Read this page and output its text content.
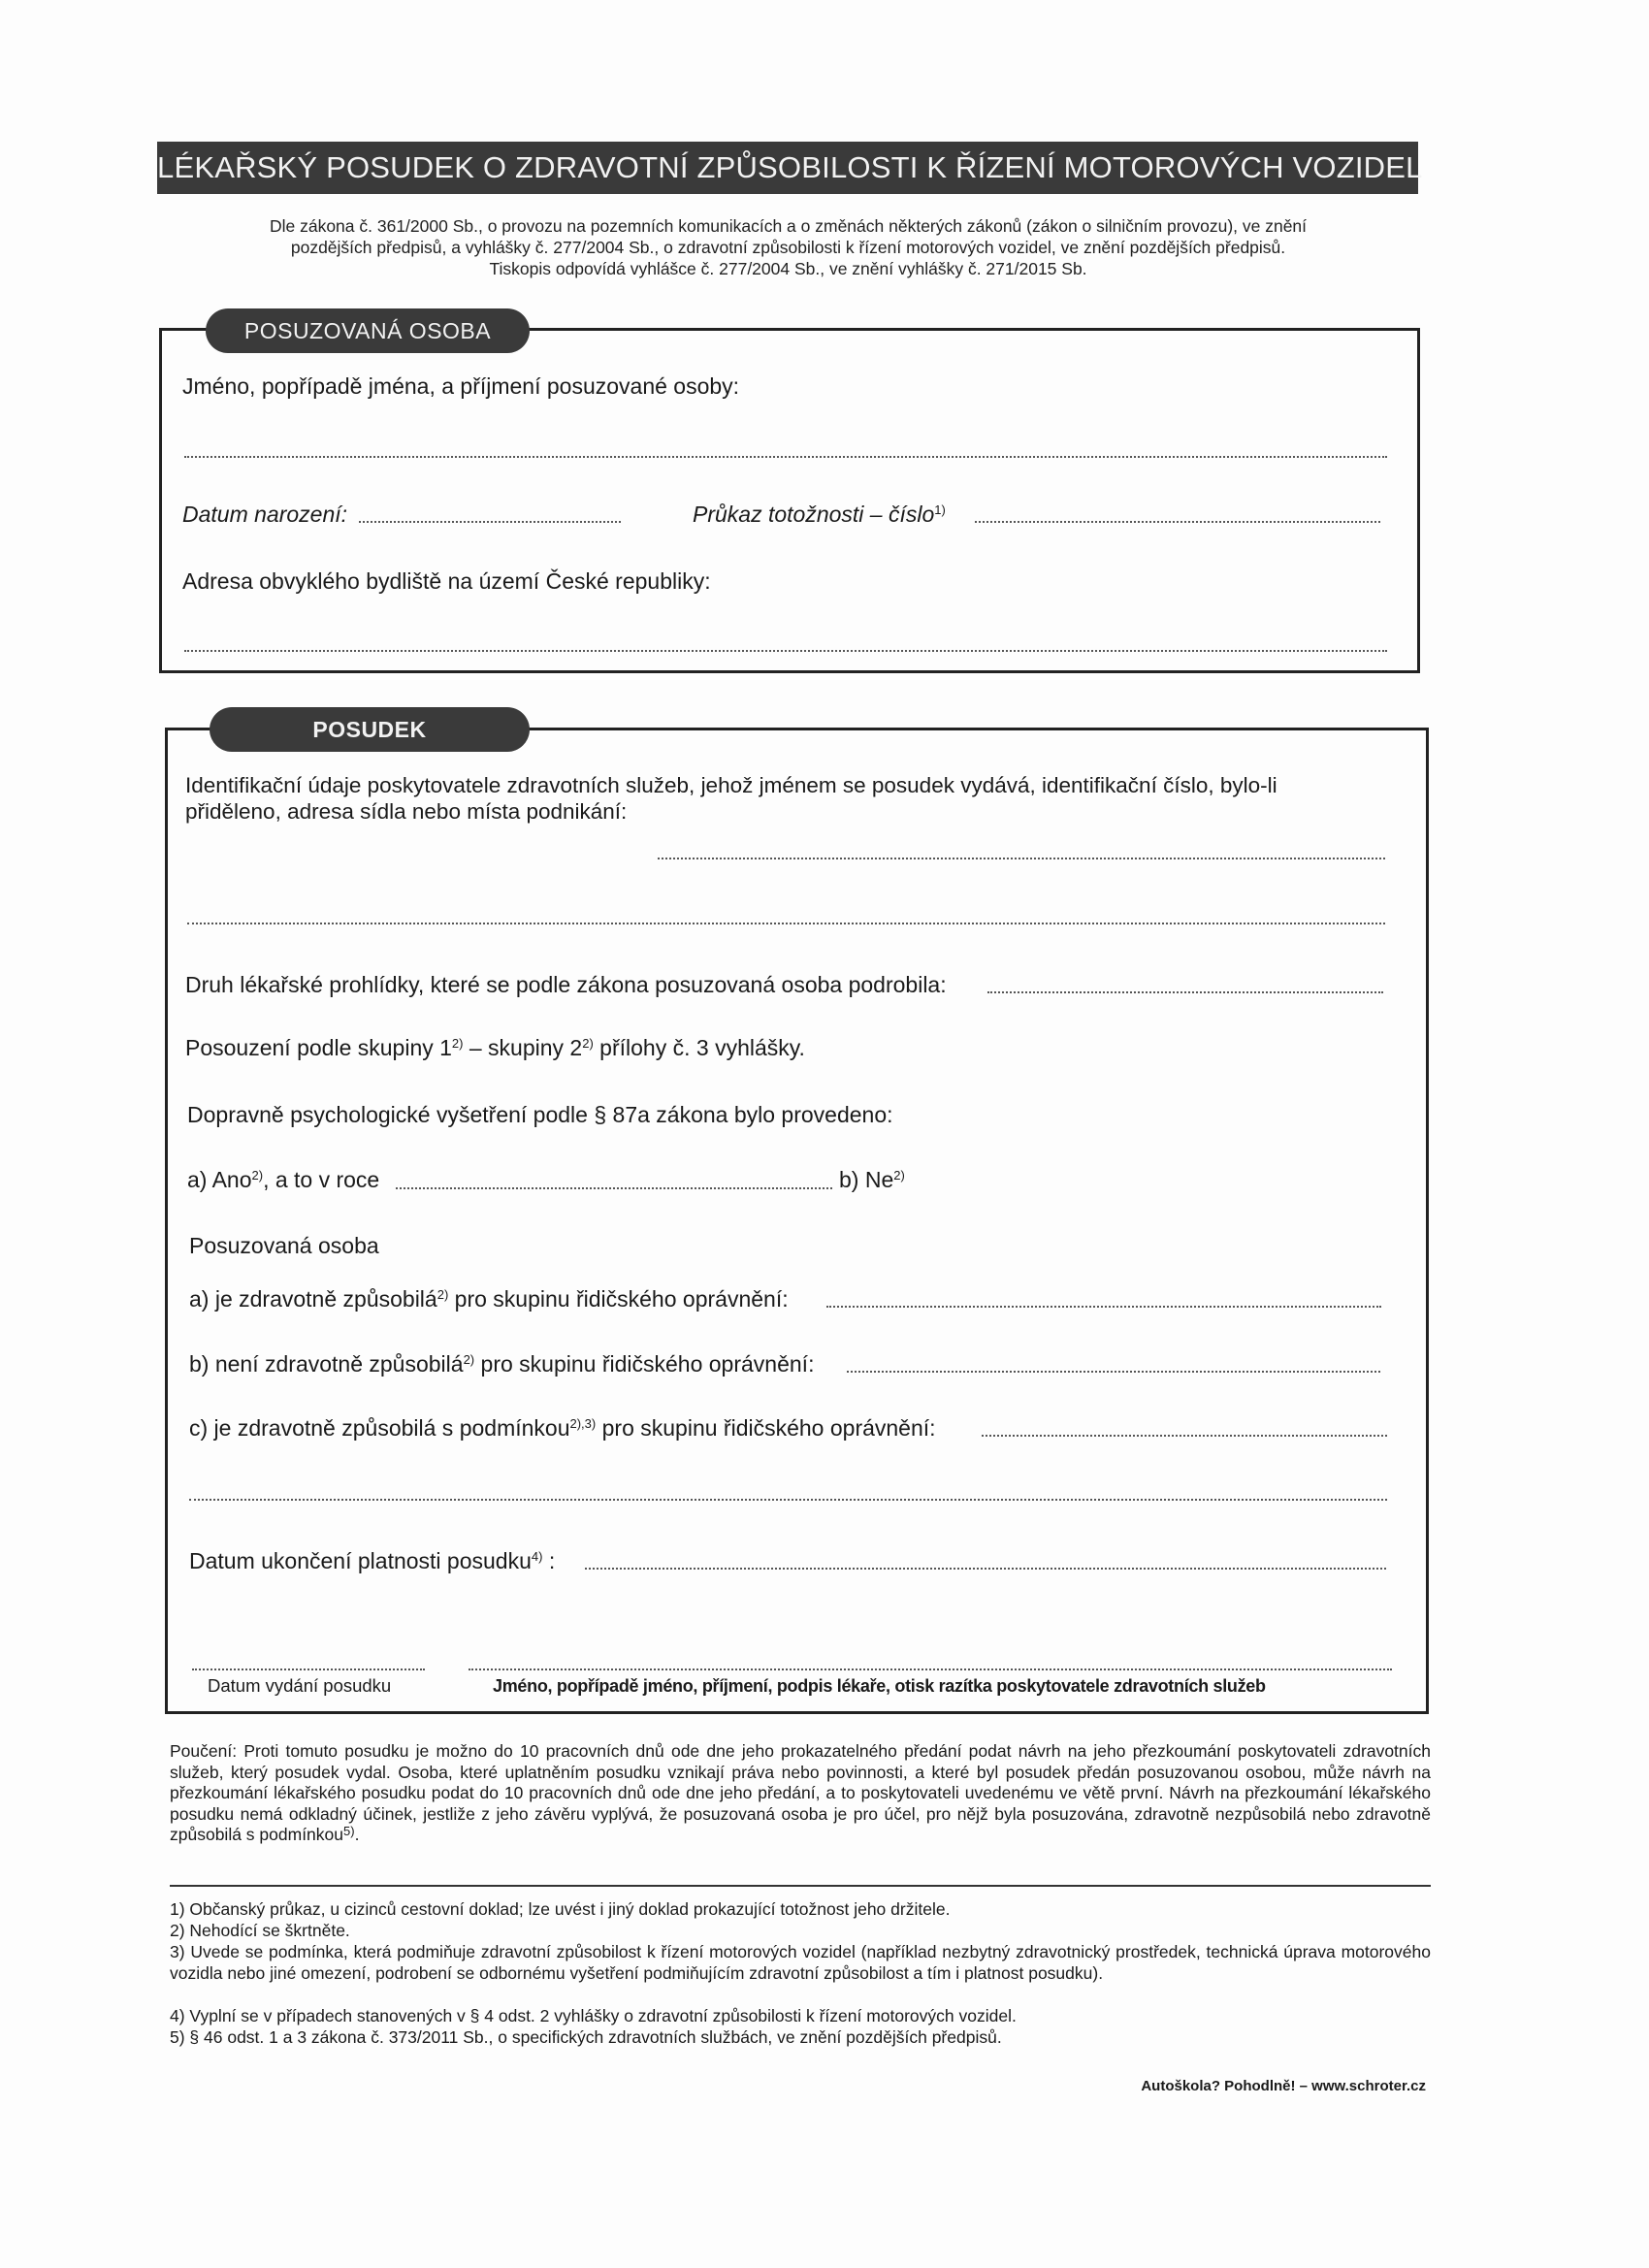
LÉKAŘSKÝ POSUDEK O ZDRAVOTNÍ ZPŮSOBILOSTI K ŘÍZENÍ MOTOROVÝCH VOZIDEL
Dle zákona č. 361/2000 Sb., o provozu na pozemních komunikacích a o změnách některých zákonů (zákon o silničním provozu), ve znění
pozdějších předpisů, a vyhlášky č. 277/2004 Sb., o zdravotní způsobilosti k řízení motorových vozidel, ve znění pozdějších předpisů.
Tiskopis odpovídá vyhlášce č. 277/2004 Sb., ve znění vyhlášky č. 271/2015 Sb.
POSUZOVANÁ OSOBA
Jméno, popřípadě jména, a příjmení posuzované osoby:
Datum narození:	Průkaz totožnosti – číslo$^{1)}$
Adresa obvyklého bydliště na území České republiky:
POSUDEK
Identifikační údaje poskytovatele zdravotních služeb, jehož jménem se posudek vydává, identifikační číslo, bylo-li
přiděleno, adresa sídla nebo místa podnikání:
Druh lékařské prohlídky, které se podle zákona posuzovaná osoba podrobila:
Posouzení podle skupiny 1$^{2)}$ – skupiny 2$^{2)}$ přílohy č. 3 vyhlášky.
Dopravně psychologické vyšetření podle § 87a zákona bylo provedeno:
a) Ano$^{2)}$, a to v roce	b) Ne$^{2)}$
Posuzovaná osoba
a) je zdravotně způsobilá$^{2)}$ pro skupinu řidičského oprávnění:
b) není zdravotně způsobilá$^{2)}$ pro skupinu řidičského oprávnění:
c) je zdravotně způsobilá s podmínkou$^{2),3)}$ pro skupinu řidičského oprávnění:
Datum ukončení platnosti posudku$^{4)}$ :
Datum vydání posudku	Jméno, popřípadě jméno, příjmení, podpis lékaře, otisk razítka poskytovatele zdravotních služeb
Poučení: Proti tomuto posudku je možno do 10 pracovních dnů ode dne jeho prokazatelného předání podat návrh na jeho přezkoumání poskytovateli zdravotních služeb, který posudek vydal. Osoba, které uplatněním posudku vznikají práva nebo povinnosti, a které byl posudek předán posuzovanou osobou, může návrh na přezkoumání lékařského posudku podat do 10 pracovních dnů ode dne jeho předání, a to poskytovateli uvedenému ve větě první. Návrh na přezkoumání lékařského posudku nemá odkladný účinek, jestliže z jeho závěru vyplývá, že posuzovaná osoba je pro účel, pro nějž byla posuzována, zdravotně nezpůsobilá nebo zdravotně způsobilá s podmínkou$^{5)}$.
1) Občanský průkaz, u cizinců cestovní doklad; lze uvést i jiný doklad prokazující totožnost jeho držitele.
2) Nehodící se škrtněte.
3) Uvede se podmínka, která podmiňuje zdravotní způsobilost k řízení motorových vozidel (například nezbytný zdravotnický prostředek, technická úprava motorového vozidla nebo jiné omezení, podrobení se odbornému vyšetření podmiňujícím zdravotní způsobilost a tím i platnost posudku).
4) Vyplní se v případech stanovených v § 4 odst. 2 vyhlášky o zdravotní způsobilosti k řízení motorových vozidel.
5) § 46 odst. 1 a 3 zákona č. 373/2011 Sb., o specifických zdravotních službách, ve znění pozdějších předpisů.
Autoškola? Pohodlně! – www.schroter.cz
